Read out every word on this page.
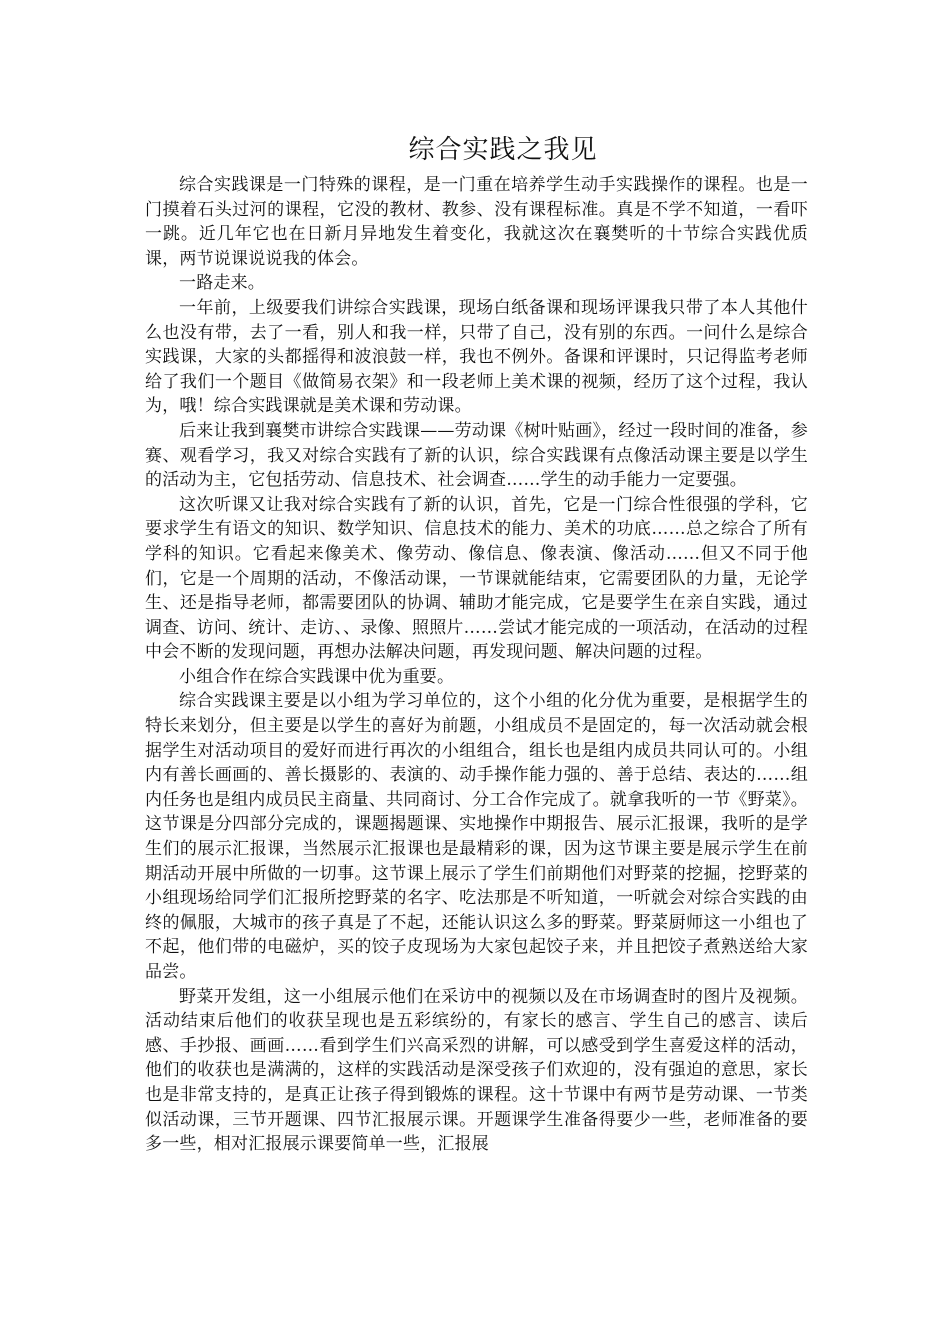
综合实践之我见

综合实践课是一门特殊的课程，是一门重在培养学生动手实践操作的课程。也是一门摸着石头过河的课程，它没的教材、教参、没有课程标准。真是不学不知道，一看吓一跳。近几年它也在日新月异地发生着变化，我就这次在襄樊听的十节综合实践优质课，两节说课说说我的体会。

一路走来。

一年前，上级要我们讲综合实践课，现场白纸备课和现场评课我只带了本人其他什么也没有带，去了一看，别人和我一样，只带了自己，没有别的东西。一问什么是综合实践课，大家的头都摇得和波浪鼓一样，我也不例外。备课和评课时，只记得监考老师给了我们一个题目《做简易衣架》和一段老师上美术课的视频，经历了这个过程，我认为，哦！综合实践课就是美术课和劳动课。

后来让我到襄樊市讲综合实践课——劳动课《树叶贴画》，经过一段时间的准备，参赛、观看学习，我又对综合实践有了新的认识，综合实践课有点像活动课主要是以学生的活动为主，它包括劳动、信息技术、社会调查……学生的动手能力一定要强。

这次听课又让我对综合实践有了新的认识，首先，它是一门综合性很强的学科，它要求学生有语文的知识、数学知识、信息技术的能力、美术的功底……总之综合了所有学科的知识。它看起来像美术、像劳动、像信息、像表演、像活动……但又不同于他们，它是一个周期的活动，不像活动课，一节课就能结束，它需要团队的力量，无论学生、还是指导老师，都需要团队的协调、辅助才能完成，它是要学生在亲自实践，通过调查、访问、统计、走访、、录像、照照片……尝试才能完成的一项活动，在活动的过程中会不断的发现问题，再想办法解决问题，再发现问题、解决问题的过程。

小组合作在综合实践课中优为重要。

综合实践课主要是以小组为学习单位的，这个小组的化分优为重要，是根据学生的特长来划分，但主要是以学生的喜好为前题，小组成员不是固定的，每一次活动就会根据学生对活动项目的爱好而进行再次的小组组合，组长也是组内成员共同认可的。小组内有善长画画的、善长摄影的、表演的、动手操作能力强的、善于总结、表达的……组内任务也是组内成员民主商量、共同商讨、分工合作完成了。就拿我听的一节《野菜》。这节课是分四部分完成的，课题揭题课、实地操作中期报告、展示汇报课，我听的是学生们的展示汇报课，当然展示汇报课也是最精彩的课，因为这节课主要是展示学生在前期活动开展中所做的一切事。这节课上展示了学生们前期他们对野菜的挖掘，挖野菜的小组现场给同学们汇报所挖野菜的名字、吃法那是不听知道，一听就会对综合实践的由终的佩服，大城市的孩子真是了不起，还能认识这么多的野菜。野菜厨师这一小组也了不起，他们带的电磁炉，买的饺子皮现场为大家包起饺子来，并且把饺子煮熟送给大家品尝。

野菜开发组，这一小组展示他们在采访中的视频以及在市场调查时的图片及视频。活动结束后他们的收获呈现也是五彩缤纷的，有家长的感言、学生自己的感言、读后感、手抄报、画画……看到学生们兴高采烈的讲解，可以感受到学生喜爱这样的活动，他们的收获也是满满的，这样的实践活动是深受孩子们欢迎的，没有强迫的意思，家长也是非常支持的，是真正让孩子得到锻炼的课程。这十节课中有两节是劳动课、一节类似活动课，三节开题课、四节汇报展示课。开题课学生准备得要少一些，老师准备的要多一些，相对汇报展示课要简单一些，汇报展
